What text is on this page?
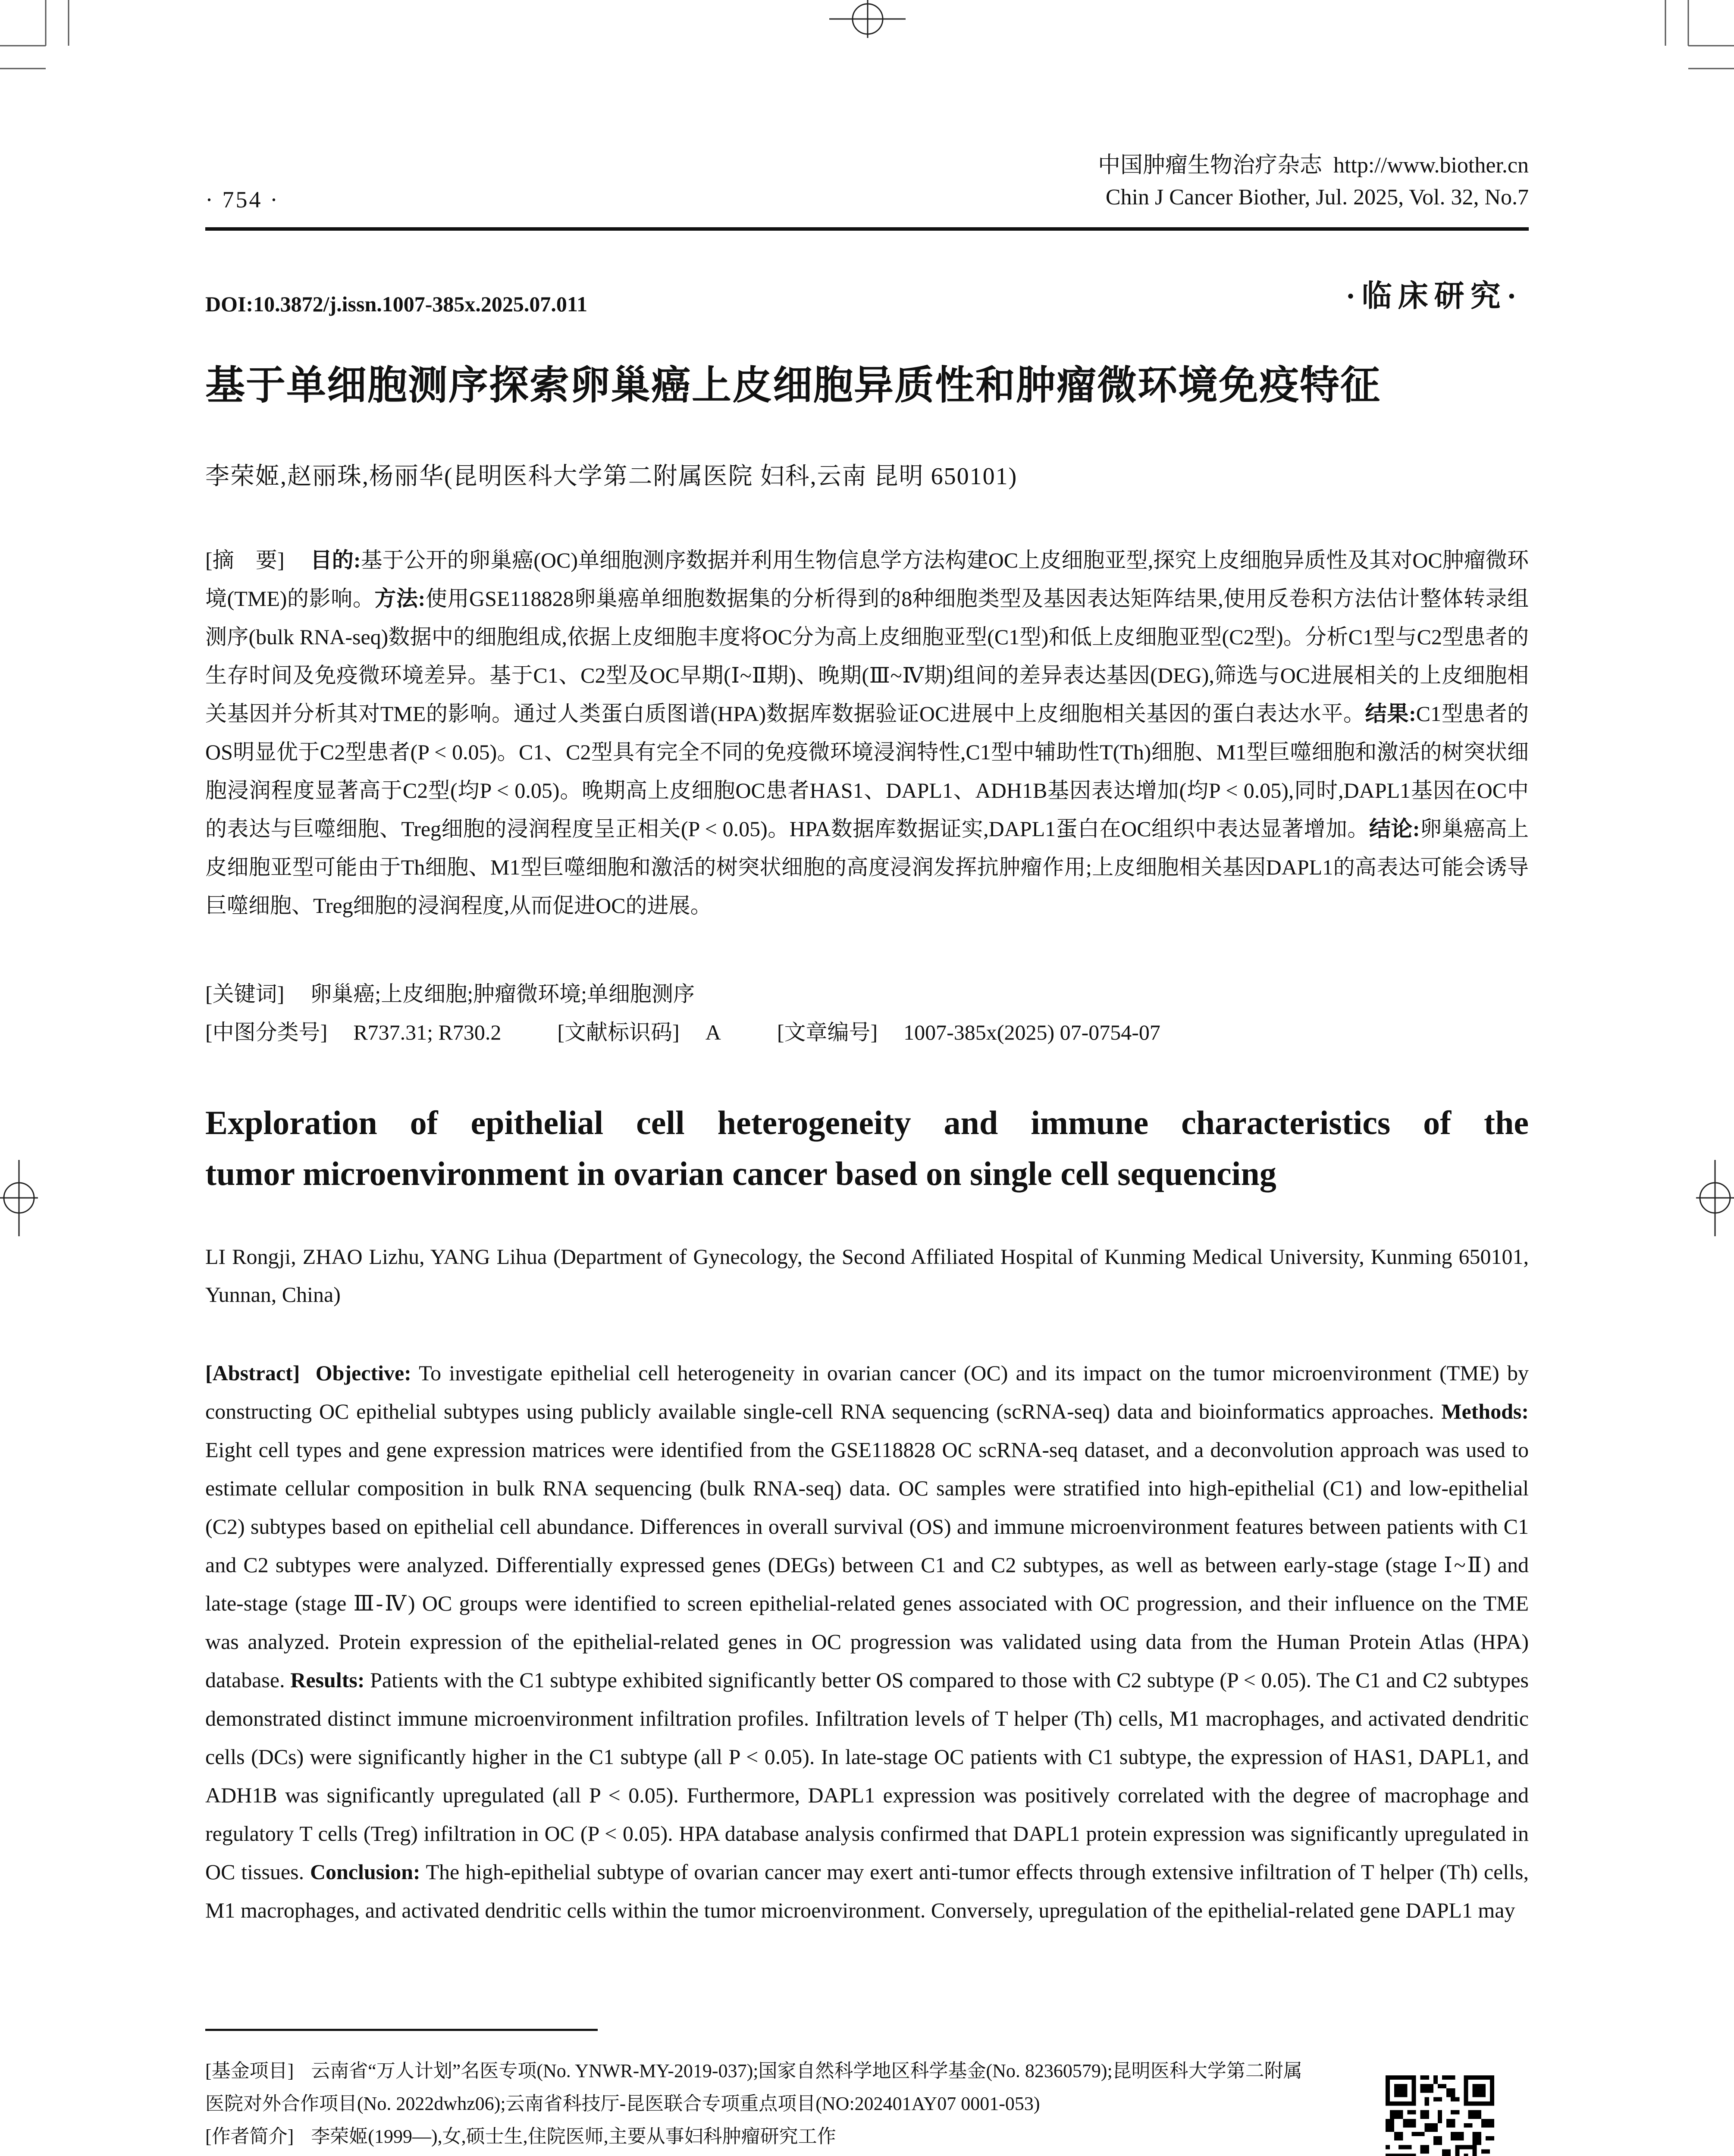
· 754 ·
中国肿瘤生物治疗杂志 http://www.biother.cn
Chin J Cancer Biother, Jul. 2025, Vol. 32, No.7
DOI:10.3872/j.issn.1007-385x.2025.07.011	·临床研究·
基于单细胞测序探索卵巢癌上皮细胞异质性和肿瘤微环境免疫特征
李荣姬,赵丽珠,杨丽华(昆明医科大学第二附属医院 妇科,云南 昆明 650101)
[摘　要] 目的:基于公开的卵巢癌(OC)单细胞测序数据并利用生物信息学方法构建OC上皮细胞亚型,探究上皮细胞异质性及其对OC肿瘤微环境(TME)的影响。方法:使用GSE118828卵巢癌单细胞数据集的分析得到的8种细胞类型及基因表达矩阵结果,使用反卷积方法估计整体转录组测序(bulk RNA-seq)数据中的细胞组成,依据上皮细胞丰度将OC分为高上皮细胞亚型(C1型)和低上皮细胞亚型(C2型)。分析C1型与C2型患者的生存时间及免疫微环境差异。基于C1、C2型及OC早期(Ⅰ~Ⅱ期)、晚期(Ⅲ~Ⅳ期)组间的差异表达基因(DEG),筛选与OC进展相关的上皮细胞相关基因并分析其对TME的影响。通过人类蛋白质图谱(HPA)数据库数据验证OC进展中上皮细胞相关基因的蛋白表达水平。结果:C1型患者的OS明显优于C2型患者(P < 0.05)。C1、C2型具有完全不同的免疫微环境浸润特性,C1型中辅助性T(Th)细胞、M1型巨噬细胞和激活的树突状细胞浸润程度显著高于C2型(均P < 0.05)。晚期高上皮细胞OC患者HAS1、DAPL1、ADH1B基因表达增加(均P < 0.05),同时,DAPL1基因在OC中的表达与巨噬细胞、Treg细胞的浸润程度呈正相关(P < 0.05)。HPA数据库数据证实,DAPL1蛋白在OC组织中表达显著增加。结论:卵巢癌高上皮细胞亚型可能由于Th细胞、M1型巨噬细胞和激活的树突状细胞的高度浸润发挥抗肿瘤作用;上皮细胞相关基因DAPL1的高表达可能会诱导巨噬细胞、Treg细胞的浸润程度,从而促进OC的进展。
[关键词] 卵巢癌;上皮细胞;肿瘤微环境;单细胞测序
[中图分类号] R737.31; R730.2	[文献标识码] A	[文章编号] 1007-385x(2025) 07-0754-07
Exploration of epithelial cell heterogeneity and immune characteristics of the
tumor microenvironment in ovarian cancer based on single cell sequencing
LI Rongji, ZHAO Lizhu, YANG Lihua (Department of Gynecology, the Second Affiliated Hospital of Kunming Medical University, Kunming 650101, Yunnan, China)
[Abstract] Objective: To investigate epithelial cell heterogeneity in ovarian cancer (OC) and its impact on the tumor microenvironment (TME) by constructing OC epithelial subtypes using publicly available single-cell RNA sequencing (scRNA-seq) data and bioinformatics approaches. Methods: Eight cell types and gene expression matrices were identified from the GSE118828 OC scRNA-seq dataset, and a deconvolution approach was used to estimate cellular composition in bulk RNA sequencing (bulk RNA-seq) data. OC samples were stratified into high-epithelial (C1) and low-epithelial (C2) subtypes based on epithelial cell abundance. Differences in overall survival (OS) and immune microenvironment features between patients with C1 and C2 subtypes were analyzed. Differentially expressed genes (DEGs) between C1 and C2 subtypes, as well as between early-stage (stage Ⅰ~Ⅱ) and late-stage (stage Ⅲ-Ⅳ) OC groups were identified to screen epithelial-related genes associated with OC progression, and their influence on the TME was analyzed. Protein expression of the epithelial-related genes in OC progression was validated using data from the Human Protein Atlas (HPA) database. Results: Patients with the C1 subtype exhibited significantly better OS compared to those with C2 subtype (P < 0.05). The C1 and C2 subtypes demonstrated distinct immune microenvironment infiltration profiles. Infiltration levels of T helper (Th) cells, M1 macrophages, and activated dendritic cells (DCs) were significantly higher in the C1 subtype (all P < 0.05). In late-stage OC patients with C1 subtype, the expression of HAS1, DAPL1, and ADH1B was significantly upregulated (all P < 0.05). Furthermore, DAPL1 expression was positively correlated with the degree of macrophage and regulatory T cells (Treg) infiltration in OC (P < 0.05). HPA database analysis confirmed that DAPL1 protein expression was significantly upregulated in OC tissues. Conclusion: The high-epithelial subtype of ovarian cancer may exert anti-tumor effects through extensive infiltration of T helper (Th) cells, M1 macrophages, and activated dendritic cells within the tumor microenvironment. Conversely, upregulation of the epithelial-related gene DAPL1 may
[基金项目] 云南省“万人计划”名医专项(No. YNWR-MY-2019-037);国家自然科学地区科学基金(No. 82360579);昆明医科大学第二附属医院对外合作项目(No. 2022dwhz06);云南省科技厅-昆医联合专项重点项目(NO:202401AY07 0001-053)
[作者简介] 李荣姬(1999—),女,硕士生,住院医师,主要从事妇科肿瘤研究工作
